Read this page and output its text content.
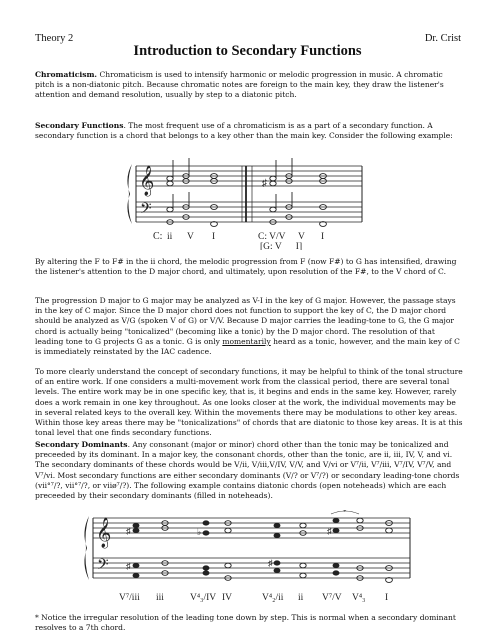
Theory 2	Dr. Crist
Introduction to Secondary Functions

Chromaticism. Chromaticism is used to intensify harmonic or melodic progression in music. A chromatic pitch is a non-diatonic pitch. Because chromatic notes are foreign to the main key, they draw the listener's attention and demand resolution, usually by step to a diatonic pitch.

Secondary Functions. The most frequent use of a chromaticism is as a part of a secondary function. A secondary function is a chord that belongs to a key other than the main key. Consider the following example:

𝄞
𝄢
♯
C: ii V I	C: V/V V I
[G: V      I]

By altering the F to F# in the ii chord, the melodic progression from F (now F#) to G has intensified, drawing the listener's attention to the D major chord, and ultimately, upon resolution of the F#, to the V chord of C.

The progression D major to G major may be analyzed as V-I in the key of G major. However, the passage stays in the key of C major. Since the D major chord does not function to support the key of C, the D major chord should be analyzed as V/G (spoken V of G) or V/V. Because D major carries the leading-tone to G, the G major chord is actually being "tonicalized" (becoming like a tonic) by the D major chord. The resolution of that leading tone to G projects G as a tonic. G is only momentarily heard as a tonic, however, and the main key of C is immediately reinstated by the IAC cadence.

To more clearly understand the concept of secondary functions, it may be helpful to think of the tonal structure of an entire work. If one considers a multi-movement work from the classical period, there are several tonal levels. The entire work may be in one specific key, that is, it begins and ends in the same key. However, rarely does a work remain in one key throughout. As one looks closer at the work, the individual movements may be in several related keys to the overall key. Within the movements there may be modulations to other key areas. Within those key areas there may be "tonicalizations" of chords that are diatonic to those key areas. It is at this tonal level that one finds secondary functions.

Secondary Dominants. Any consonant (major or minor) chord other than the tonic may be tonicalized and preceeded by its dominant. In a major key, the consonant chords, other than the tonic, are ii, iii, IV, V, and vi. The secondary dominants of these chords would be V/ii, V/iii,V/IV, V/V, and V/vi or V⁷/ii, V⁷/iii, V⁷/IV, V⁷/V, and V⁷/vi. Most secondary functions are either secondary dominants (V/? or V⁷/?) or secondary leading-tone chords (vii°⁷/?, vii°⁷/?, or viiø⁷/?). The following example contains diatonic chords (open noteheads) which are each preceeded by their secondary dominants (filled in noteheads).

𝄞
𝄢
♯
♯
♭
♯
♯
*
V⁷/iii iii	V⁴₃/IV IV	V⁴₂/ii ii V⁷/V V⁴₃ I

* Notice the irregular resolution of the leading tone down by step. This is normal when a secondary dominant resolves to a 7th chord.
